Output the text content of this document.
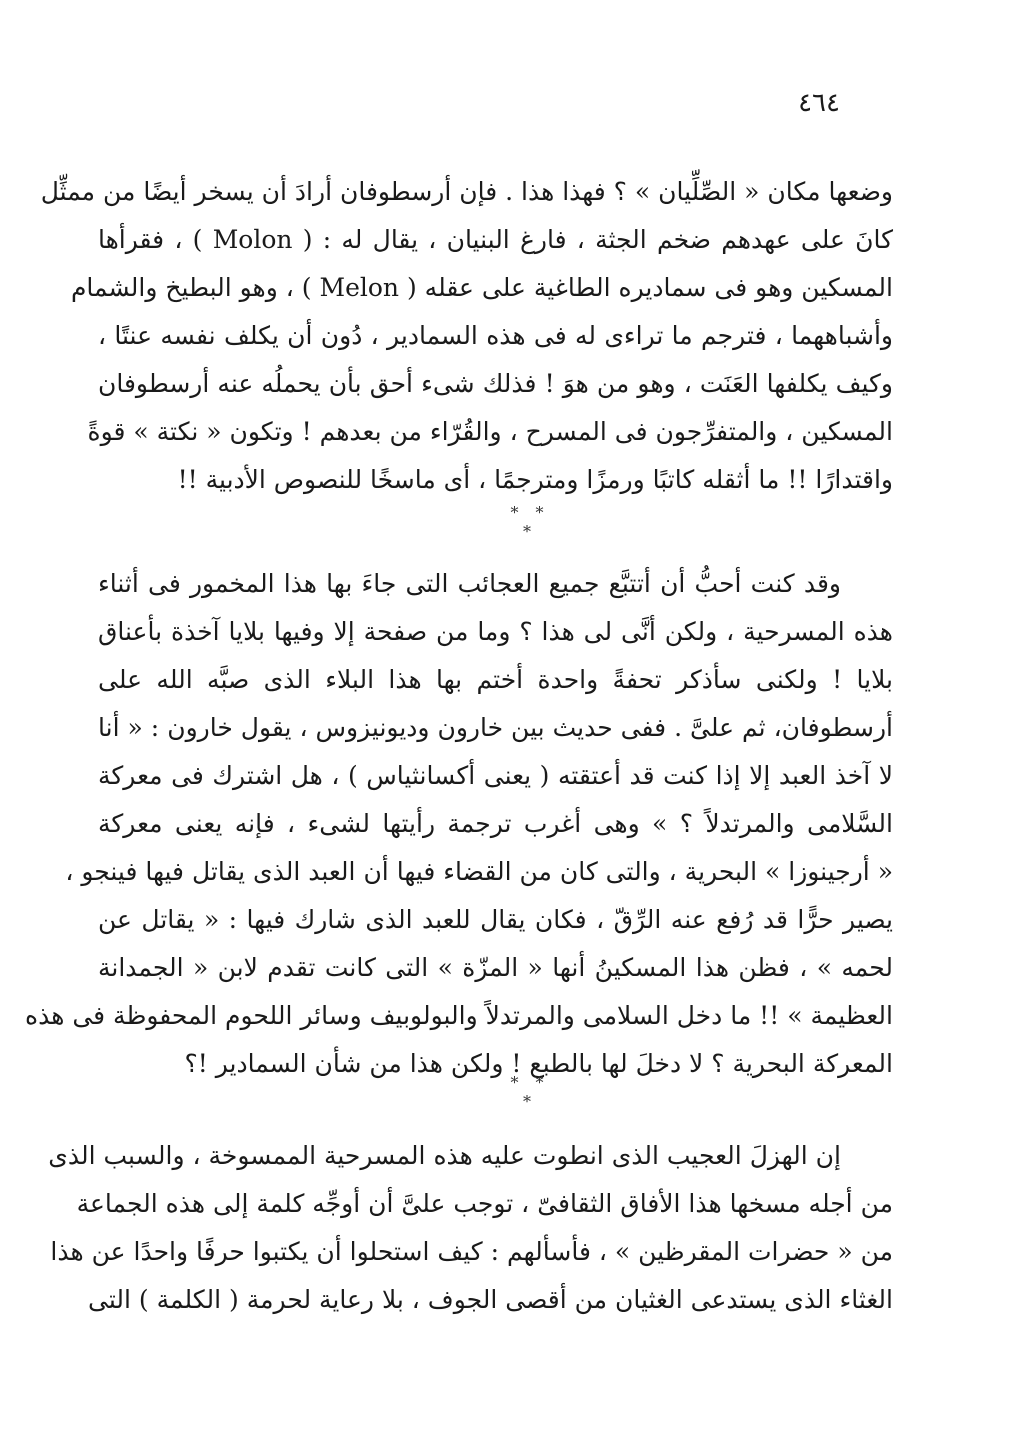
٤٦٤
وضعها مكان « الصِّلِّيان » ؟ فهذا هذا . فإن أرسطوفان أرادَ أن يسخر أيضًا من ممثِّل
كانَ على عهدهم ضخم الجثة ، فارغ البنيان ، يقال له : ( Molon ) ، فقرأها
المسكين وهو فى سماديره الطاغية على عقله ( Melon ) ، وهو البطيخ والشمام
وأشباههما ، فترجم ما تراءى له فى هذه السمادير ، دُون أن يكلف نفسه عنتًا ،
وكيف يكلفها العَنَت ، وهو من هوَ ! فذلك شىء أحق بأن يحملُه عنه أرسطوفان
المسكين ، والمتفرِّجون فى المسرح ، والقُرّاء من بعدهم ! وتكون « نكتة » قوةً
واقتدارًا !! ما أثقله كاتبًا ورمزًا ومترجمًا ، أى ماسخًا للنصوص الأدبية !!
* * *
وقد كنت أحبُّ أن أتتبَّع جميع العجائب التى جاءَ بها هذا المخمور فى أثناء
هذه المسرحية ، ولكن أنَّى لى هذا ؟ وما من صفحة إلا وفيها بلايا آخذة بأعناق
بلايا ! ولكنى سأذكر تحفةً واحدة أختم بها هذا البلاء الذى صبَّه الله على
أرسطوفان، ثم علىَّ . ففى حديث بين خارون وديونيزوس ، يقول خارون : « أنا
لا آخذ العبد إلا إذا كنت قد أعتقته ( يعنى أكسانثياس ) ، هل اشترك فى معركة
السَّلامى والمرتدلاً ؟ » وهى أغرب ترجمة رأيتها لشىء ، فإنه يعنى معركة
« أرجينوزا » البحرية ، والتى كان من القضاء فيها أن العبد الذى يقاتل فيها فينجو ،
يصير حرًّا قد رُفع عنه الرِّقّ ، فكان يقال للعبد الذى شارك فيها : « يقاتل عن
لحمه » ، فظن هذا المسكينُ أنها « المزّة » التى كانت تقدم لابن « الجمدانة
العظيمة » !! ما دخل السلامى والمرتدلاً والبولوبيف وسائر اللحوم المحفوظة فى هذه
المعركة البحرية ؟ لا دخلَ لها بالطبع ! ولكن هذا من شأن السمادير !؟
* * *
إن الهزلَ العجيب الذى انطوت عليه هذه المسرحية الممسوخة ، والسبب الذى
من أجله مسخها هذا الأفاق الثقافىّ ، توجب علىَّ أن أوجِّه كلمة إلى هذه الجماعة
من « حضرات المقرظين » ، فأسألهم : كيف استحلوا أن يكتبوا حرفًا واحدًا عن هذا
الغثاء الذى يستدعى الغثيان من أقصى الجوف ، بلا رعاية لحرمة ( الكلمة ) التى
